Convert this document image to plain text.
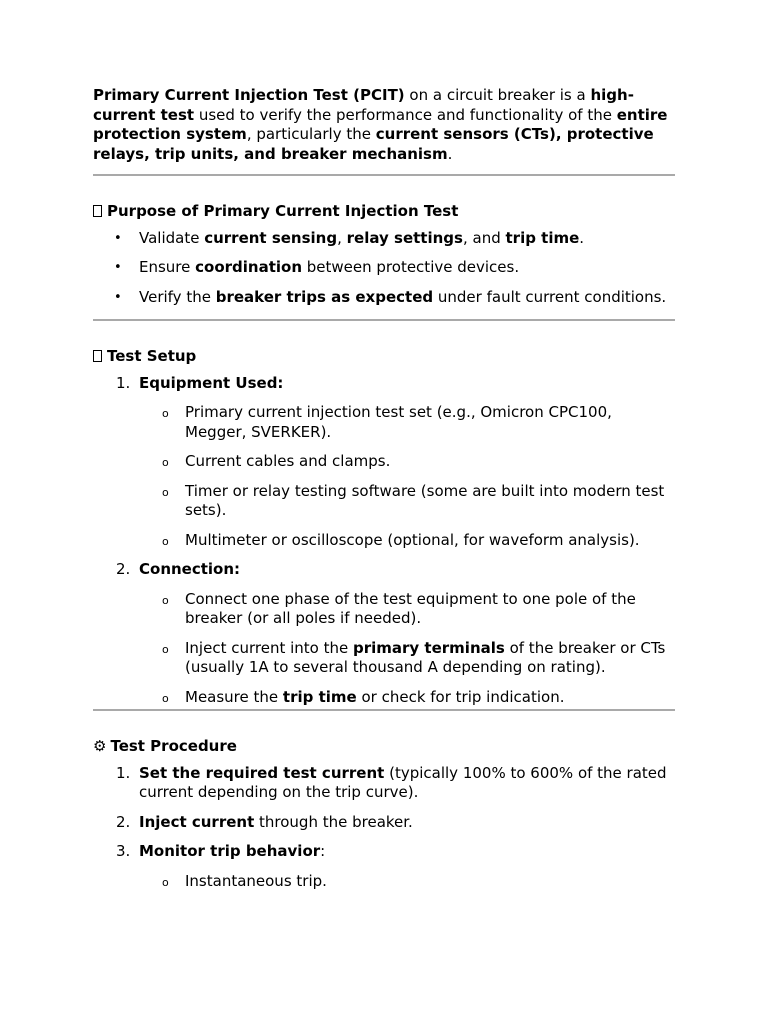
Primary Current Injection Test (PCIT) on a circuit breaker is a high-current test used to verify the performance and functionality of the entire protection system, particularly the current sensors (CTs), protective relays, trip units, and breaker mechanism.

Purpose of Primary Current Injection Test
• Validate current sensing, relay settings, and trip time.
• Ensure coordination between protective devices.
• Verify the breaker trips as expected under fault current conditions.
Test Setup
1. Equipment Used:
o Primary current injection test set (e.g., Omicron CPC100, Megger, SVERKER).
o Current cables and clamps.
o Timer or relay testing software (some are built into modern test sets).
o Multimeter or oscilloscope (optional, for waveform analysis).
2. Connection:
o Connect one phase of the test equipment to one pole of the breaker (or all poles if needed).
o Inject current into the primary terminals of the breaker or CTs (usually 1A to several thousand A depending on rating).
o Measure the trip time or check for trip indication.
⚙ Test Procedure
1. Set the required test current (typically 100% to 600% of the rated current depending on the trip curve).
2. Inject current through the breaker.
3. Monitor trip behavior:
o Instantaneous trip.
